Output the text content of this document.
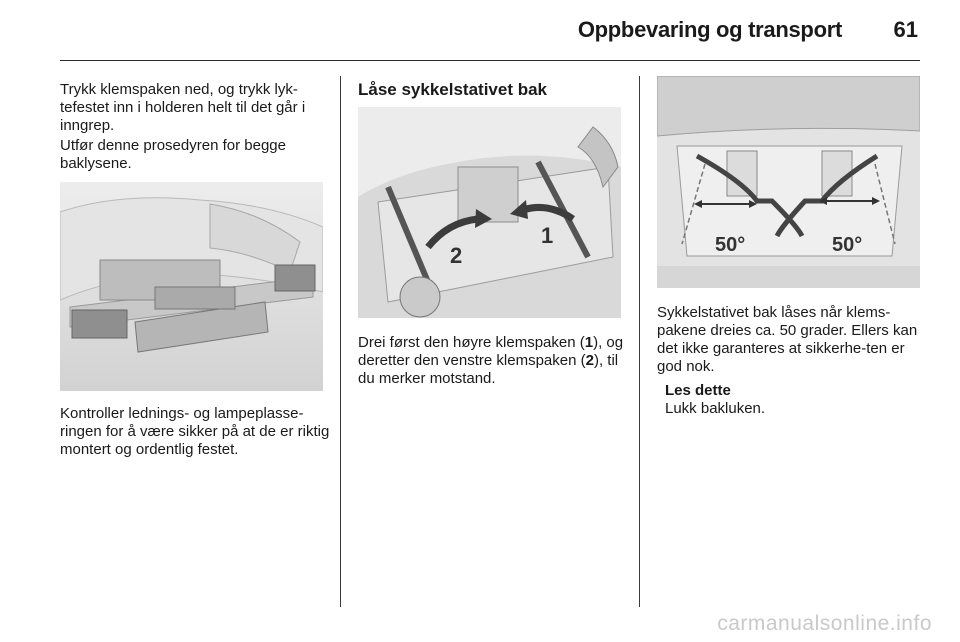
Oppbevaring og transport 61

Trykk klemspaken ned, og trykk lyk-tefestet inn i holderen helt til det går i inngrep.

Utfør denne prosedyren for begge baklysene.

Kontroller lednings- og lampeplasse-ringen for å være sikker på at de er riktig montert og ordentlig festet.

Låse sykkelstativet bak
2
1

Drei først den høyre klemspaken (1), og deretter den venstre klemspaken (2), til du merker motstand.

50°	50°

Sykkelstativet bak låses når klems-pakene dreies ca. 50 grader. Ellers kan det ikke garanteres at sikkerhe-ten er god nok.

Les dette
Lukk bakluken.
carmanualsonline.info
